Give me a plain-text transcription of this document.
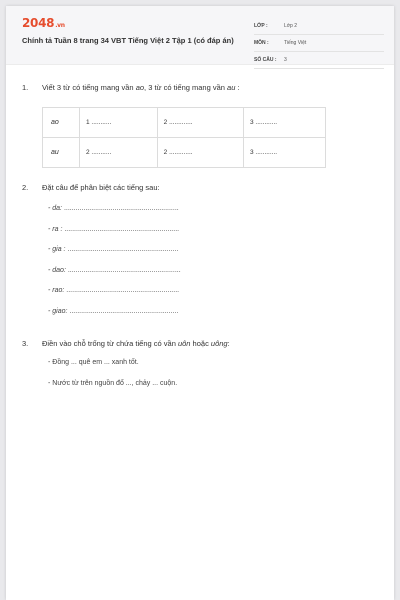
2048.vn
Chính tả Tuần 8 trang 34 VBT Tiếng Việt 2 Tập 1 (có đáp án)
LỚP :	Lớp 2
MÔN :	Tiếng Việt
SỐ CÂU : 3
1. Viết 3 từ có tiếng mang vần ao, 3 từ có tiếng mang vần au :
ao	1 ...........	2 .............	3 ............
au	2 ...........	2 .............	3 ............
2. Đặt câu để phân biệt các tiếng sau:
- da: ...........................................................
- ra : ...........................................................
- gia : .........................................................
- dao: ..........................................................
- rao: ..........................................................
- giao: ........................................................
3. Điền vào chỗ trống từ chứa tiếng có vần uôn hoặc uông:
- Đồng ... quê em ... xanh tốt.
- Nước từ trên nguồn đổ ..., chảy ... cuộn.
